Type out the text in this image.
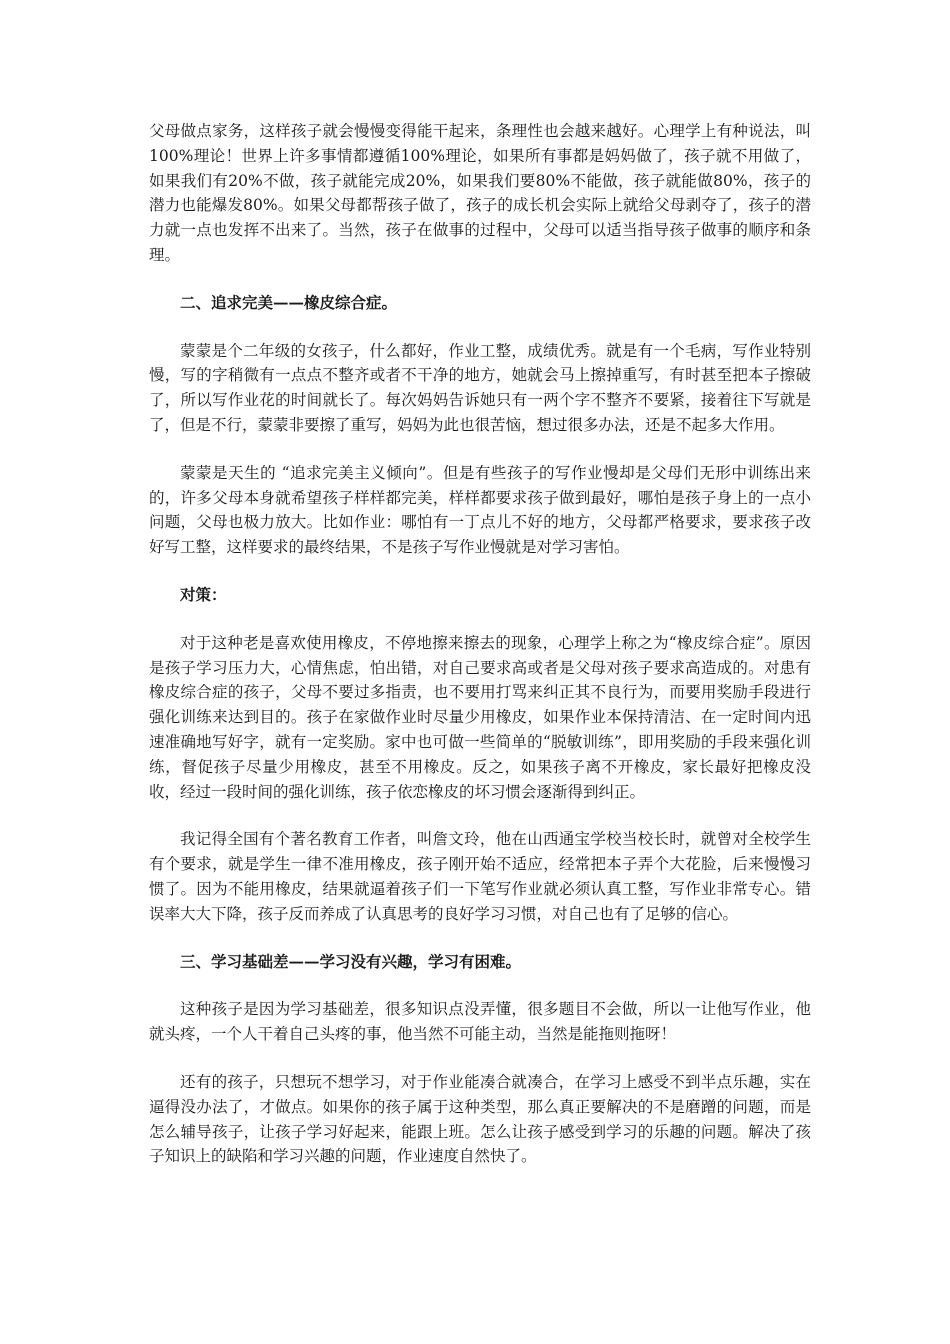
父母做点家务，这样孩子就会慢慢变得能干起来，条理性也会越来越好。心理学上有种说法，叫100%理论！世界上许多事情都遵循100%理论，如果所有事都是妈妈做了，孩子就不用做了，如果我们有20%不做，孩子就能完成20%，如果我们要80%不能做，孩子就能做80%，孩子的潜力也能爆发80%。如果父母都帮孩子做了，孩子的成长机会实际上就给父母剥夺了，孩子的潜力就一点也发挥不出来了。当然，孩子在做事的过程中，父母可以适当指导孩子做事的顺序和条理。

二、追求完美——橡皮综合症。

蒙蒙是个二年级的女孩子，什么都好，作业工整，成绩优秀。就是有一个毛病，写作业特别慢，写的字稍微有一点点不整齐或者不干净的地方，她就会马上擦掉重写，有时甚至把本子擦破了，所以写作业花的时间就长了。每次妈妈告诉她只有一两个字不整齐不要紧，接着往下写就是了，但是不行，蒙蒙非要擦了重写，妈妈为此也很苦恼，想过很多办法，还是不起多大作用。

蒙蒙是天生的 “追求完美主义倾向”。但是有些孩子的写作业慢却是父母们无形中训练出来的，许多父母本身就希望孩子样样都完美，样样都要求孩子做到最好，哪怕是孩子身上的一点小问题，父母也极力放大。比如作业：哪怕有一丁点儿不好的地方，父母都严格要求，要求孩子改好写工整，这样要求的最终结果，不是孩子写作业慢就是对学习害怕。

对策：

对于这种老是喜欢使用橡皮，不停地擦来擦去的现象，心理学上称之为“橡皮综合症”。原因是孩子学习压力大，心情焦虑，怕出错，对自己要求高或者是父母对孩子要求高造成的。对患有橡皮综合症的孩子，父母不要过多指责，也不要用打骂来纠正其不良行为，而要用奖励手段进行强化训练来达到目的。孩子在家做作业时尽量少用橡皮，如果作业本保持清洁、在一定时间内迅速准确地写好字，就有一定奖励。家中也可做一些简单的“脱敏训练”，即用奖励的手段来强化训练，督促孩子尽量少用橡皮，甚至不用橡皮。反之，如果孩子离不开橡皮，家长最好把橡皮没收，经过一段时间的强化训练，孩子依恋橡皮的坏习惯会逐渐得到纠正。

我记得全国有个著名教育工作者，叫詹文玲，他在山西通宝学校当校长时，就曾对全校学生有个要求，就是学生一律不准用橡皮，孩子刚开始不适应，经常把本子弄个大花脸，后来慢慢习惯了。因为不能用橡皮，结果就逼着孩子们一下笔写作业就必须认真工整，写作业非常专心。错误率大大下降，孩子反而养成了认真思考的良好学习习惯，对自己也有了足够的信心。

三、学习基础差——学习没有兴趣，学习有困难。

这种孩子是因为学习基础差，很多知识点没弄懂，很多题目不会做，所以一让他写作业，他就头疼，一个人干着自己头疼的事，他当然不可能主动，当然是能拖则拖呀！

还有的孩子，只想玩不想学习，对于作业能凑合就凑合，在学习上感受不到半点乐趣，实在逼得没办法了，才做点。如果你的孩子属于这种类型，那么真正要解决的不是磨蹭的问题，而是怎么辅导孩子，让孩子学习好起来，能跟上班。怎么让孩子感受到学习的乐趣的问题。解决了孩子知识上的缺陷和学习兴趣的问题，作业速度自然快了。
